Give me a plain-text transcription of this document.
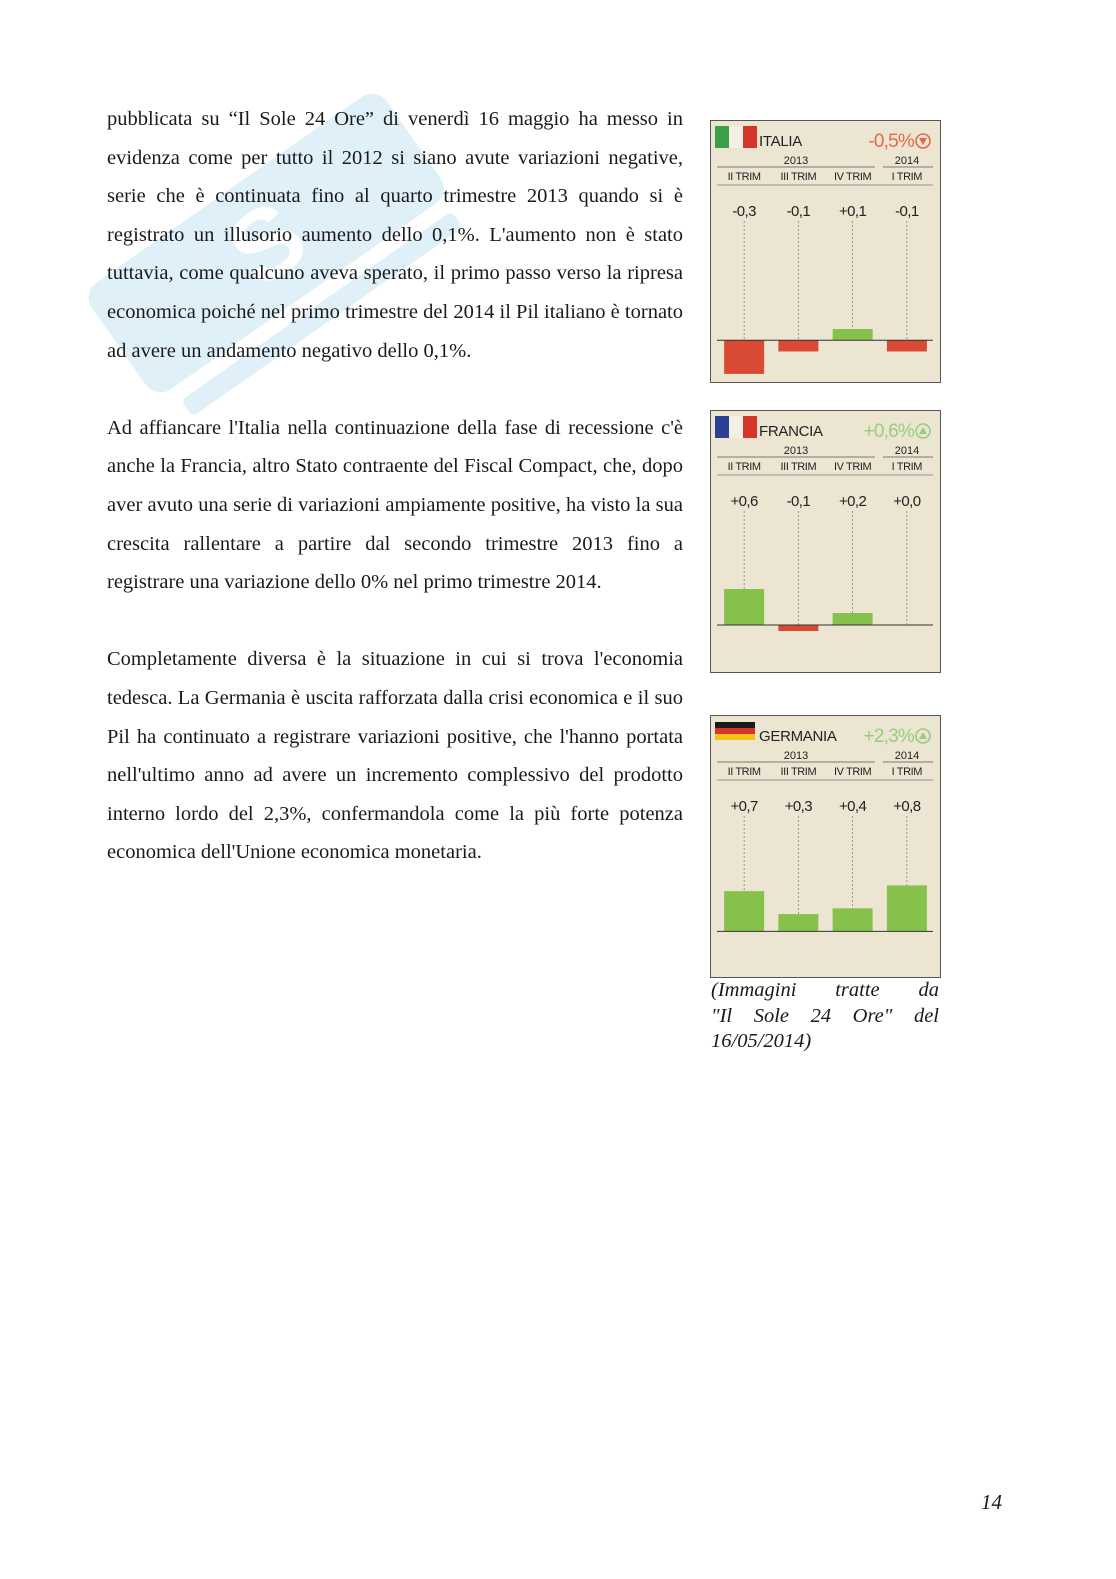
S

pubblicata su “Il Sole 24 Ore” di venerdì 16 maggio ha messo in evidenza come per tutto il 2012 si siano avute variazioni negative, serie che è continuata fino al quarto trimestre 2013 quando si è registrato un illusorio aumento dello 0,1%. L'aumento non è stato tuttavia, come qualcuno aveva sperato, il primo passo verso la ripresa economica poiché nel primo trimestre del 2014 il Pil italiano è tornato ad avere un andamento negativo dello 0,1%.

Ad affiancare l'Italia nella continuazione della fase di recessione c'è anche la Francia, altro Stato contraente del Fiscal Compact, che, dopo aver avuto una serie di variazioni ampiamente positive, ha visto la sua crescita rallentare a partire dal secondo trimestre 2013 fino a registrare una variazione dello 0% nel primo trimestre 2014.

Completamente diversa è la situazione in cui si trova l'economia tedesca. La Germania è uscita rafforzata dalla crisi economica e il suo Pil ha continuato a registrare variazioni positive, che l'hanno portata nell'ultimo anno ad avere un incremento complessivo del prodotto interno lordo del 2,3%, confermandola come la più forte potenza economica dell'Unione economica monetaria.

ITALIA	-0,5%
2013	2014
II TRIM
-0,3
III TRIM
-0,1
IV TRIM
+0,1
I TRIM
-0,1
FRANCIA +0,6%
2013	2014
II TRIM
+0,6
III TRIM
-0,1
IV TRIM
+0,2
I TRIM
+0,0
GERMANIA +2,3%
2013	2014
II TRIM
+0,7
III TRIM
+0,3
IV TRIM
+0,4
I TRIM
+0,8
(Immagini tratte da
"Il Sole 24 Ore" del
16/05/2014)
14
